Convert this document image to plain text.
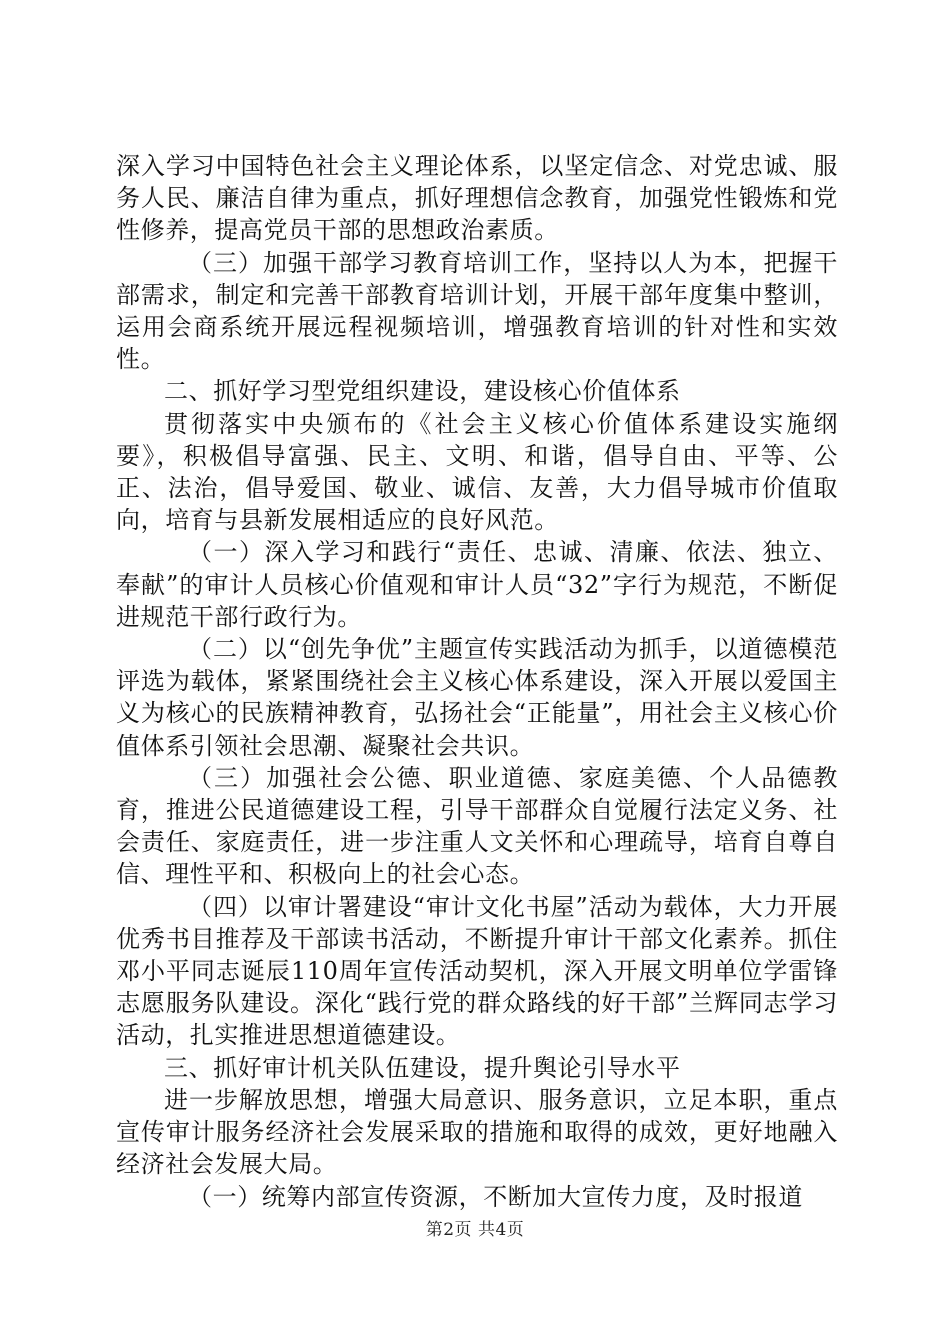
深入学习中国特色社会主义理论体系，以坚定信念、对党忠诚、服务人民、廉洁自律为重点，抓好理想信念教育，加强党性锻炼和党性修养，提高党员干部的思想政治素质。

（三）加强干部学习教育培训工作，坚持以人为本，把握干部需求，制定和完善干部教育培训计划，开展干部年度集中整训，运用会商系统开展远程视频培训，增强教育培训的针对性和实效性。

二、抓好学习型党组织建设，建设核心价值体系

贯彻落实中央颁布的《社会主义核心价值体系建设实施纲要》，积极倡导富强、民主、文明、和谐，倡导自由、平等、公正、法治，倡导爱国、敬业、诚信、友善，大力倡导城市价值取向，培育与县新发展相适应的良好风范。

（一）深入学习和践行“责任、忠诚、清廉、依法、独立、奉献”的审计人员核心价值观和审计人员“32”字行为规范，不断促进规范干部行政行为。

（二）以“创先争优”主题宣传实践活动为抓手，以道德模范评选为载体，紧紧围绕社会主义核心体系建设，深入开展以爱国主义为核心的民族精神教育，弘扬社会“正能量”，用社会主义核心价值体系引领社会思潮、凝聚社会共识。

（三）加强社会公德、职业道德、家庭美德、个人品德教育，推进公民道德建设工程，引导干部群众自觉履行法定义务、社会责任、家庭责任，进一步注重人文关怀和心理疏导，培育自尊自信、理性平和、积极向上的社会心态。

（四）以审计署建设“审计文化书屋”活动为载体，大力开展优秀书目推荐及干部读书活动，不断提升审计干部文化素养。抓住邓小平同志诞辰110周年宣传活动契机，深入开展文明单位学雷锋志愿服务队建设。深化“践行党的群众路线的好干部”兰辉同志学习活动，扎实推进思想道德建设。

三、抓好审计机关队伍建设，提升舆论引导水平

进一步解放思想，增强大局意识、服务意识，立足本职，重点宣传审计服务经济社会发展采取的措施和取得的成效，更好地融入经济社会发展大局。

（一）统筹内部宣传资源，不断加大宣传力度，及时报道

第2页 共4页
